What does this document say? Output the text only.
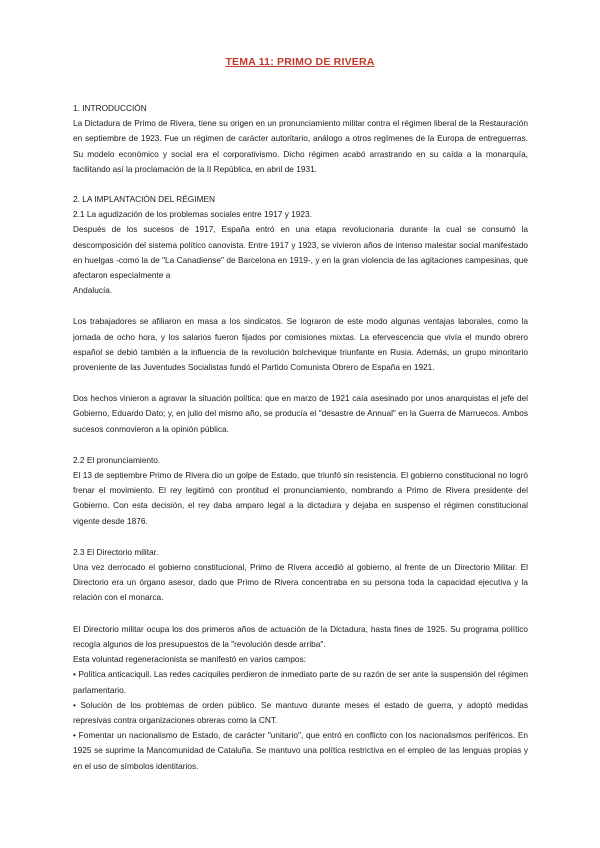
TEMA 11: PRIMO DE RIVERA
1. INTRODUCCIÓN

La Dictadura de Primo de Rivera, tiene su origen en un pronunciamiento militar contra el régimen liberal de la Restauración en septiembre de 1923. Fue un régimen de carácter autoritario, análogo a otros regímenes de la Europa de entreguerras. Su modelo económico y social era el corporativismo. Dicho régimen acabó arrastrando en su caída a la monarquía, facilitando así la proclamación de la II República, en abril de 1931.

2. LA IMPLANTACIÓN DEL RÉGIMEN
2.1 La agudización de los problemas sociales entre 1917 y 1923.

Después de los sucesos de 1917, España entró en una etapa revolucionaria durante la cual se consumó la descomposición del sistema político canovista. Entre 1917 y 1923, se vivieron años de intenso malestar social manifestado en huelgas -como la de "La Canadiense" de Barcelona en 1919-, y en la gran violencia de las agitaciones campesinas, que afectaron especialmente a

Andalucía.

Los trabajadores se afiliaron en masa a los sindicatos. Se lograron de este modo algunas ventajas laborales, como la jornada de ocho hora, y los salarios fueron fijados por comisiones mixtas. La efervescencia que vivía el mundo obrero español se debió también a la influencia de la revolución bolchevique triunfante en Rusia. Además, un grupo minoritario proveniente de las Juventudes Socialistas fundó el Partido Comunista Obrero de España en 1921.

Dos hechos vinieron a agravar la situación política: que en marzo de 1921 caía asesinado por unos anarquistas el jefe del Gobierno, Eduardo Dato; y, en julio del mismo año, se producía el "desastre de Annual" en la Guerra de Marruecos. Ambos sucesos conmovieron a la opinión pública.

2.2 El pronunciamiento.

El 13 de septiembre Primo de Rivera dio un golpe de Estado, que triunfó sin resistencia. El gobierno constitucional no logró frenar el movimiento. El rey legitimó con prontitud el pronunciamiento, nombrando a Primo de Rivera presidente del Gobierno. Con esta decisión, el rey daba amparo legal a la dictadura y dejaba en suspenso el régimen constitucional vigente desde 1876.

2.3 El Directorio militar.

Una vez derrocado el gobierno constitucional, Primo de Rivera accedió al gobierno, al frente de un Directorio Militar. El Directorio era un órgano asesor, dado que Primo de Rivera concentraba en su persona toda la capacidad ejecutiva y la relación con el monarca.

El Directorio militar ocupa los dos primeros años de actuación de la Dictadura, hasta fines de 1925. Su programa político recogía algunos de los presupuestos de la "revolución desde arriba".

Esta voluntad regeneracionista se manifestó en varios campos:

• Política anticaciquil. Las redes caciquiles perdieron de inmediato parte de su razón de ser ante la suspensión del régimen parlamentario.

• Solución de los problemas de orden público. Se mantuvo durante meses el estado de guerra, y adoptó medidas represivas contra organizaciones obreras como la CNT.

• Fomentar un nacionalismo de Estado, de carácter "unitario", que entró en conflicto con los nacionalismos periféricos. En 1925 se suprime la Mancomunidad de Cataluña. Se mantuvo una política restrictiva en el empleo de las lenguas propias y en el uso de símbolos identitarios.
